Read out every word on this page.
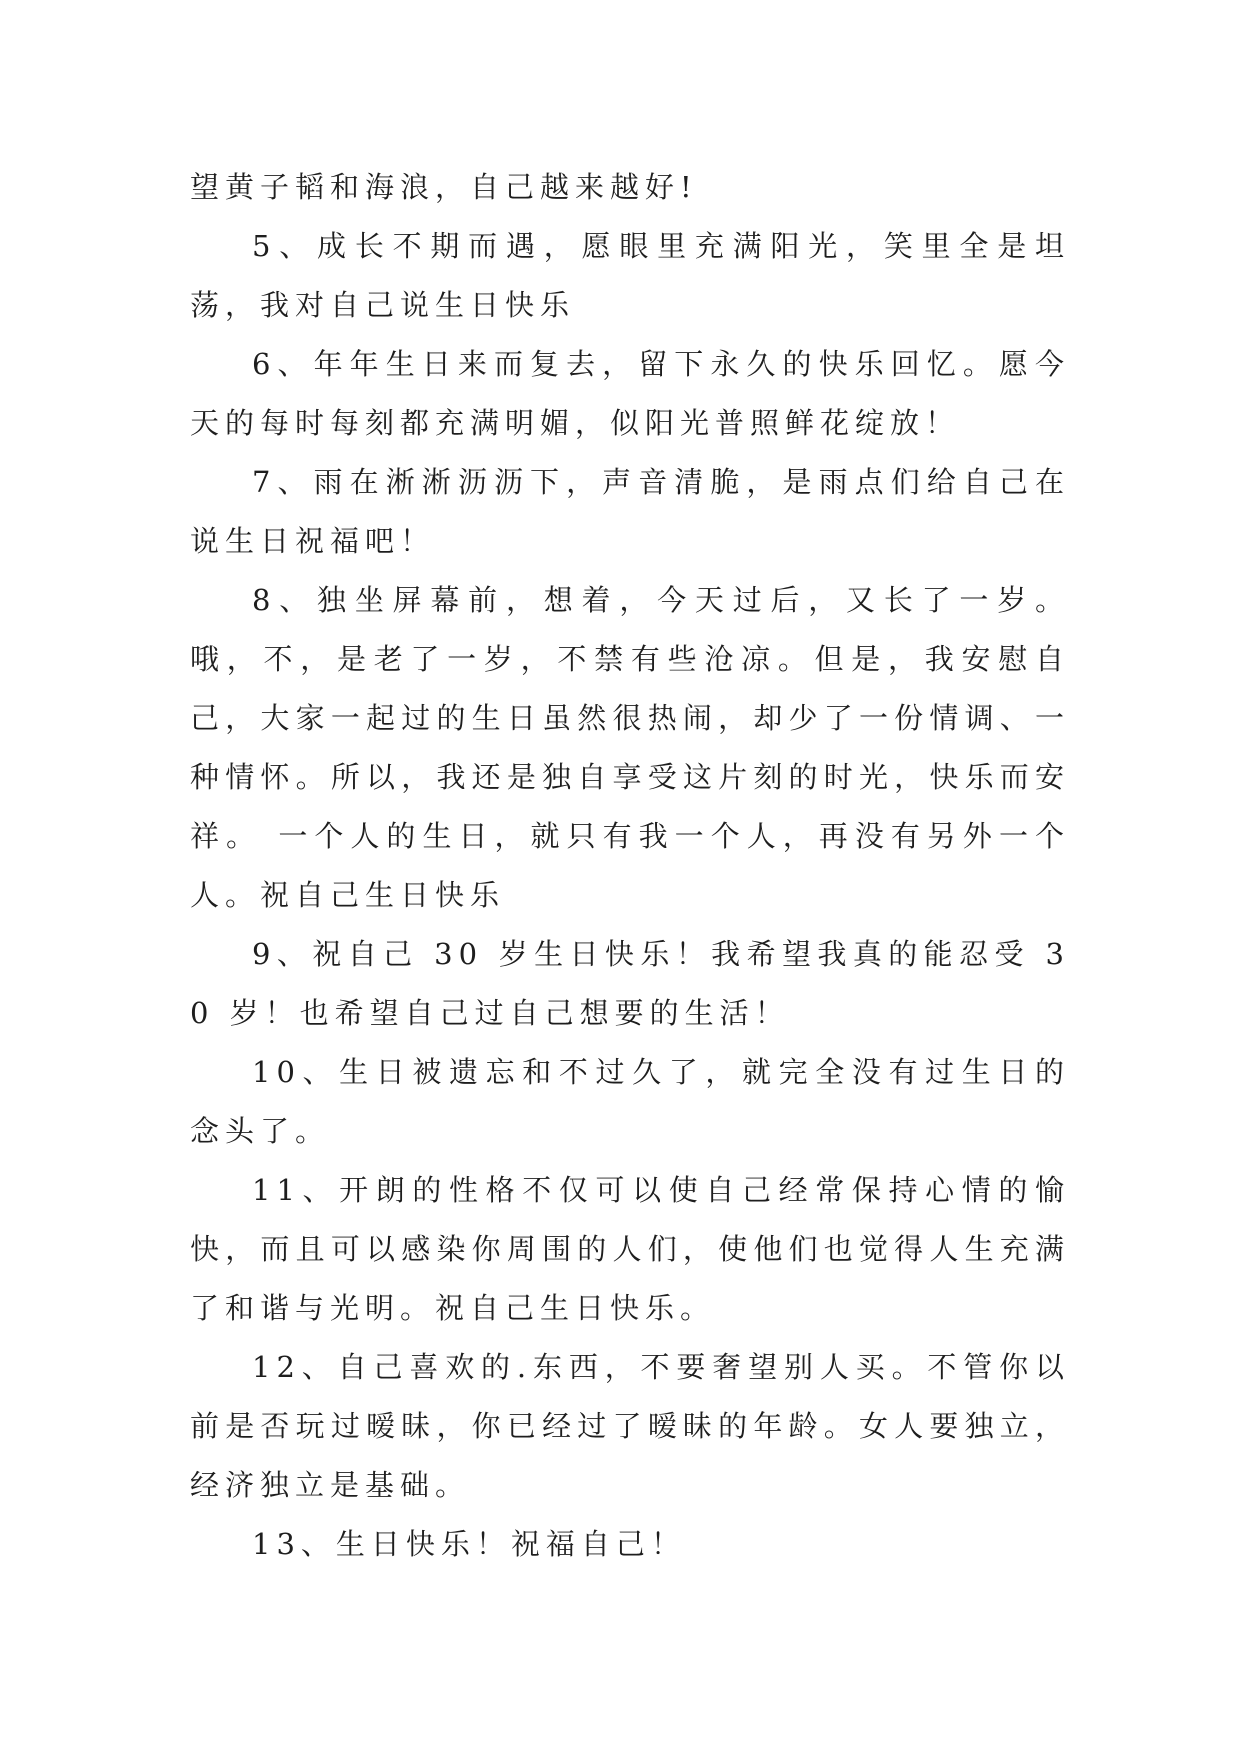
望黄子韬和海浪，自己越来越好!

5、成长不期而遇，愿眼里充满阳光，笑里全是坦荡，我对自己说生日快乐

6、年年生日来而复去，留下永久的快乐回忆。愿今天的每时每刻都充满明媚，似阳光普照鲜花绽放！

7、雨在淅淅沥沥下，声音清脆，是雨点们给自己在说生日祝福吧！

8、独坐屏幕前，想着，今天过后，又长了一岁。哦，不，是老了一岁，不禁有些沧凉。但是，我安慰自己，大家一起过的生日虽然很热闹，却少了一份情调、一种情怀。所以，我还是独自享受这片刻的时光，快乐而安祥。 一个人的生日，就只有我一个人，再没有另外一个人。祝自己生日快乐

9、祝自己 30 岁生日快乐！我希望我真的能忍受 30 岁！也希望自己过自己想要的生活！

10、生日被遗忘和不过久了，就完全没有过生日的念头了。

11、开朗的性格不仅可以使自己经常保持心情的愉快，而且可以感染你周围的人们，使他们也觉得人生充满了和谐与光明。祝自己生日快乐。

12、自己喜欢的.东西，不要奢望别人买。不管你以前是否玩过暧昧，你已经过了暧昧的年龄。女人要独立，经济独立是基础。

13、生日快乐！祝福自己！
